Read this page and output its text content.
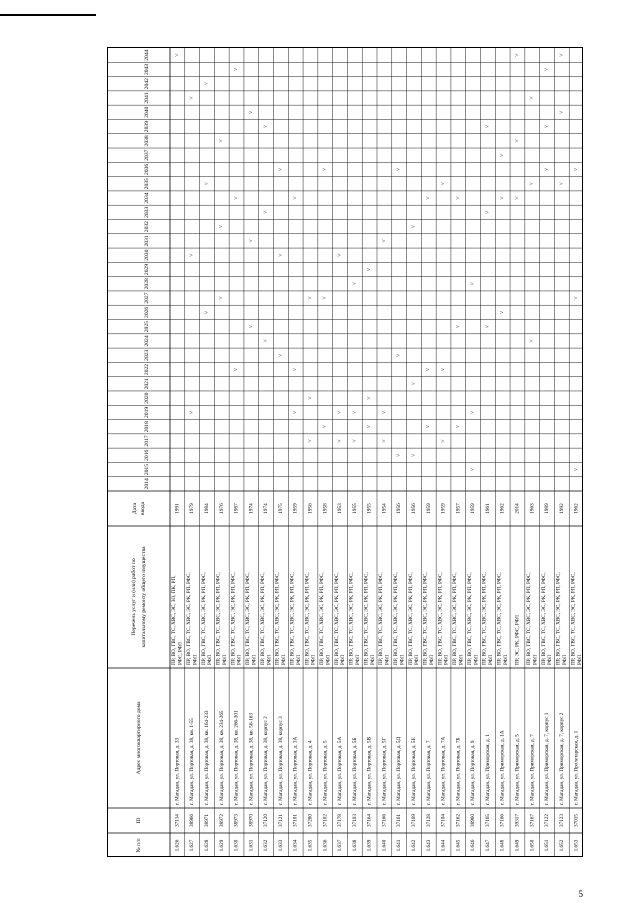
№ п/п
ID
Адрес многоквартирного дома
Перечень услуг и (или) работ по капитальному ремонту общего имущества
Дата ввода
2014
2015
2016
2017
2018
2019
2020
2021
2022
2023
2024
2025
2026
2027
2028
2029
2030
2031
2032
2033
2034
2035
2036
2037
2038
2039
2040
2041
2042
2043
2044
1.626
37114
г. Магадан, ул. Портовая, д. 33
ПР, ВО, ГВС, ТС, ХВС, ЭС, ЗО, ПК, РП, РФС, РФЛ
1991
˅
1.627
38966
г. Магадан, ул. Портовая, д. 38, кв. 1-55
ПР, ВО, ГВС, ТС, ХВС, ЭС, РК, РП, РФС, РФЛ
1979
˅
˅
˅
1.628
38971
г. Магадан, ул. Портовая, д. 38, кв. 164-233
ПР, ВО, ГВС, ТС, ХВС, ЭС, РК, РП, РФС, РФЛ
1984
˅
˅
˅
1.629
38972
г. Магадан, ул. Портовая, д. 38, кв. 234-265
ПР, ВО, ГВС, ТС, ХВС, ЭС, РК, РП, РФС, РФЛ
1976
˅
˅
˅
1.630
38973
г. Магадан, ул. Портовая, д. 38, кв. 266-301
ПР, ВО, ГВС, ТС, ХВС, ЭС, РК, РП, РФС, РФЛ
1987
˅
˅
˅
1.631
38970
г. Магадан, ул. Портовая, д. 38, кв. 56-163
ПР, ВО, ГВС, ТС, ХВС, ЭС, РК, РП, РФС, РФЛ
1974
˅
˅
˅
1.632
37120
г. Магадан, ул. Портовая, д. 38, корпус 2
ПР, ВО, ГВС, ТС, ХВС, ЭС, РК, РП, РФС, РФЛ
1974
˅
˅
˅
1.633
37121
г. Магадан, ул. Портовая, д. 38, корпус 3
ПР, ВО, ГВС, ТС, ХВС, ЭС, РК, РП, РФС, РФЛ
1975
˅
˅
˅
1.634
37101
г. Магадан, ул. Портовая, д. 3А
ПР, ВО, ГВС, ТС, ХВС, ЭС, РК, РП, РФС, РФЛ
1959
˅
˅
˅
1.635
37280
г. Магадан, ул. Портовая, д. 4
ПР, ВО, ГВС, ТС, ХВС, ЭС, РК, РП, РФС, РФЛ
1956
˅
˅
˅
1.636
37102
г. Магадан, ул. Портовая, д. 5
ПР, ВО, ГВС, ТС, ХВС, ЭС, РК, РП, РФС, РФЛ
1958
˅
˅
˅
1.637
37178
г. Магадан, ул. Портовая, д. 5А
ПР, ВО, ГВС, ТС, ХВС, ЭС, РК, РП, РФС, РФЛ
1953
˅
˅
˅
1.638
37103
г. Магадан, ул. Портовая, д. 5Б
ПР, ВО, ГВС, ТС, ХВС, ЭС, РК, РП, РФС, РФЛ
1955
˅
˅
˅
1.639
37164
г. Магадан, ул. Портовая, д. 5В
ПР, ВО, ГВС, ТС, ХВС, ЭС, РК, РП, РФС, РФЛ
1955
˅
˅
˅
1.640
37166
г. Магадан, ул. Портовая, д. 5Г
ПР, ВО, ГВС, ТС, ХВС, ЭС, РК, РП, РФС, РФЛ
1954
˅
˅
˅
1.641
37161
г. Магадан, ул. Портовая, д. 5Д
ПР, ВО, ГВС, ТС, ХВС, ЭС, РК, РП, РФС, РФЛ
1956
˅
˅
˅
1.642
37169
г. Магадан, ул. Портовая, д. 5Е
ПР, ВО, ГВС, ТС, ХВС, ЭС, РК, РП, РФС, РФЛ
1956
˅
˅
˅
1.643
37128
г. Магадан, ул. Портовая, д. 7
ПР, ВО, ГВС, ТС, ХВС, ЭС, РК, РП, РФС, РФЛ
1959
˅
˅
˅
1.644
37104
г. Магадан, ул. Портовая, д. 7А
ПР, ВО, ГВС, ТС, ХВС, ЭС, РК, РП, РФС, РФЛ
1959
˅
˅
˅
1.645
37162
г. Магадан, ул. Портовая, д. 7Б
ПР, ВО, ГВС, ТС, ХВС, ЭС, РК, РП, РФС, РФЛ
1957
˅
˅
˅
1.646
38960
г. Магадан, ул. Портовая, д. 9
ПР, ВО, ГВС, ТС, ХВС, ЭС, РК, РП, РФС, РФЛ
1959
˅
˅
˅
1.647
37165
г. Магадан, ул. Приморская, д. 1
ПР, ВО, ГВС, ТС, ХВС, ЭС, РК, РП, РФС, РФЛ
1961
˅
˅
˅
1.648
37166
г. Магадан, ул. Приморская, д. 1А
ПР, ВО, ГВС, ТС, ХВС, ЭС, РК, РП, РФС, РФЛ
1962
˅
˅
˅
1.649
39317
г. Магадан, ул. Приморская, д. 5
ПР, ЭС, РК, РФС, РФЛ
2014
˅
˅
˅
1.650
37167
г. Магадан, ул. Приморская, д. 7
ПР, ВО, ГВС, ТС, ХВС, ЭС, РК, РП, РФС, РФЛ
1963
˅
˅
˅
1.651
37122
г. Магадан, ул. Приморская, д. 7, корпус 1
ПР, ВО, ГВС, ТС, ХВС, ЭС, РК, РП, РФС, РФЛ
1989
˅
˅
˅
1.652
37123
г. Магадан, ул. Приморская, д. 7, корпус 2
ПР, ВО, ГВС, ТС, ХВС, ЭС, РК, РП, РФС, РФЛ
1992
˅
˅
˅
1.653
37015
г. Магадан, ул. Пролетарская, д. 1
ПР, ВО, ГВС, ТС, ХВС, ЭС, РК, РП, РФС, РФЛ
1962
˅
˅
˅
5
